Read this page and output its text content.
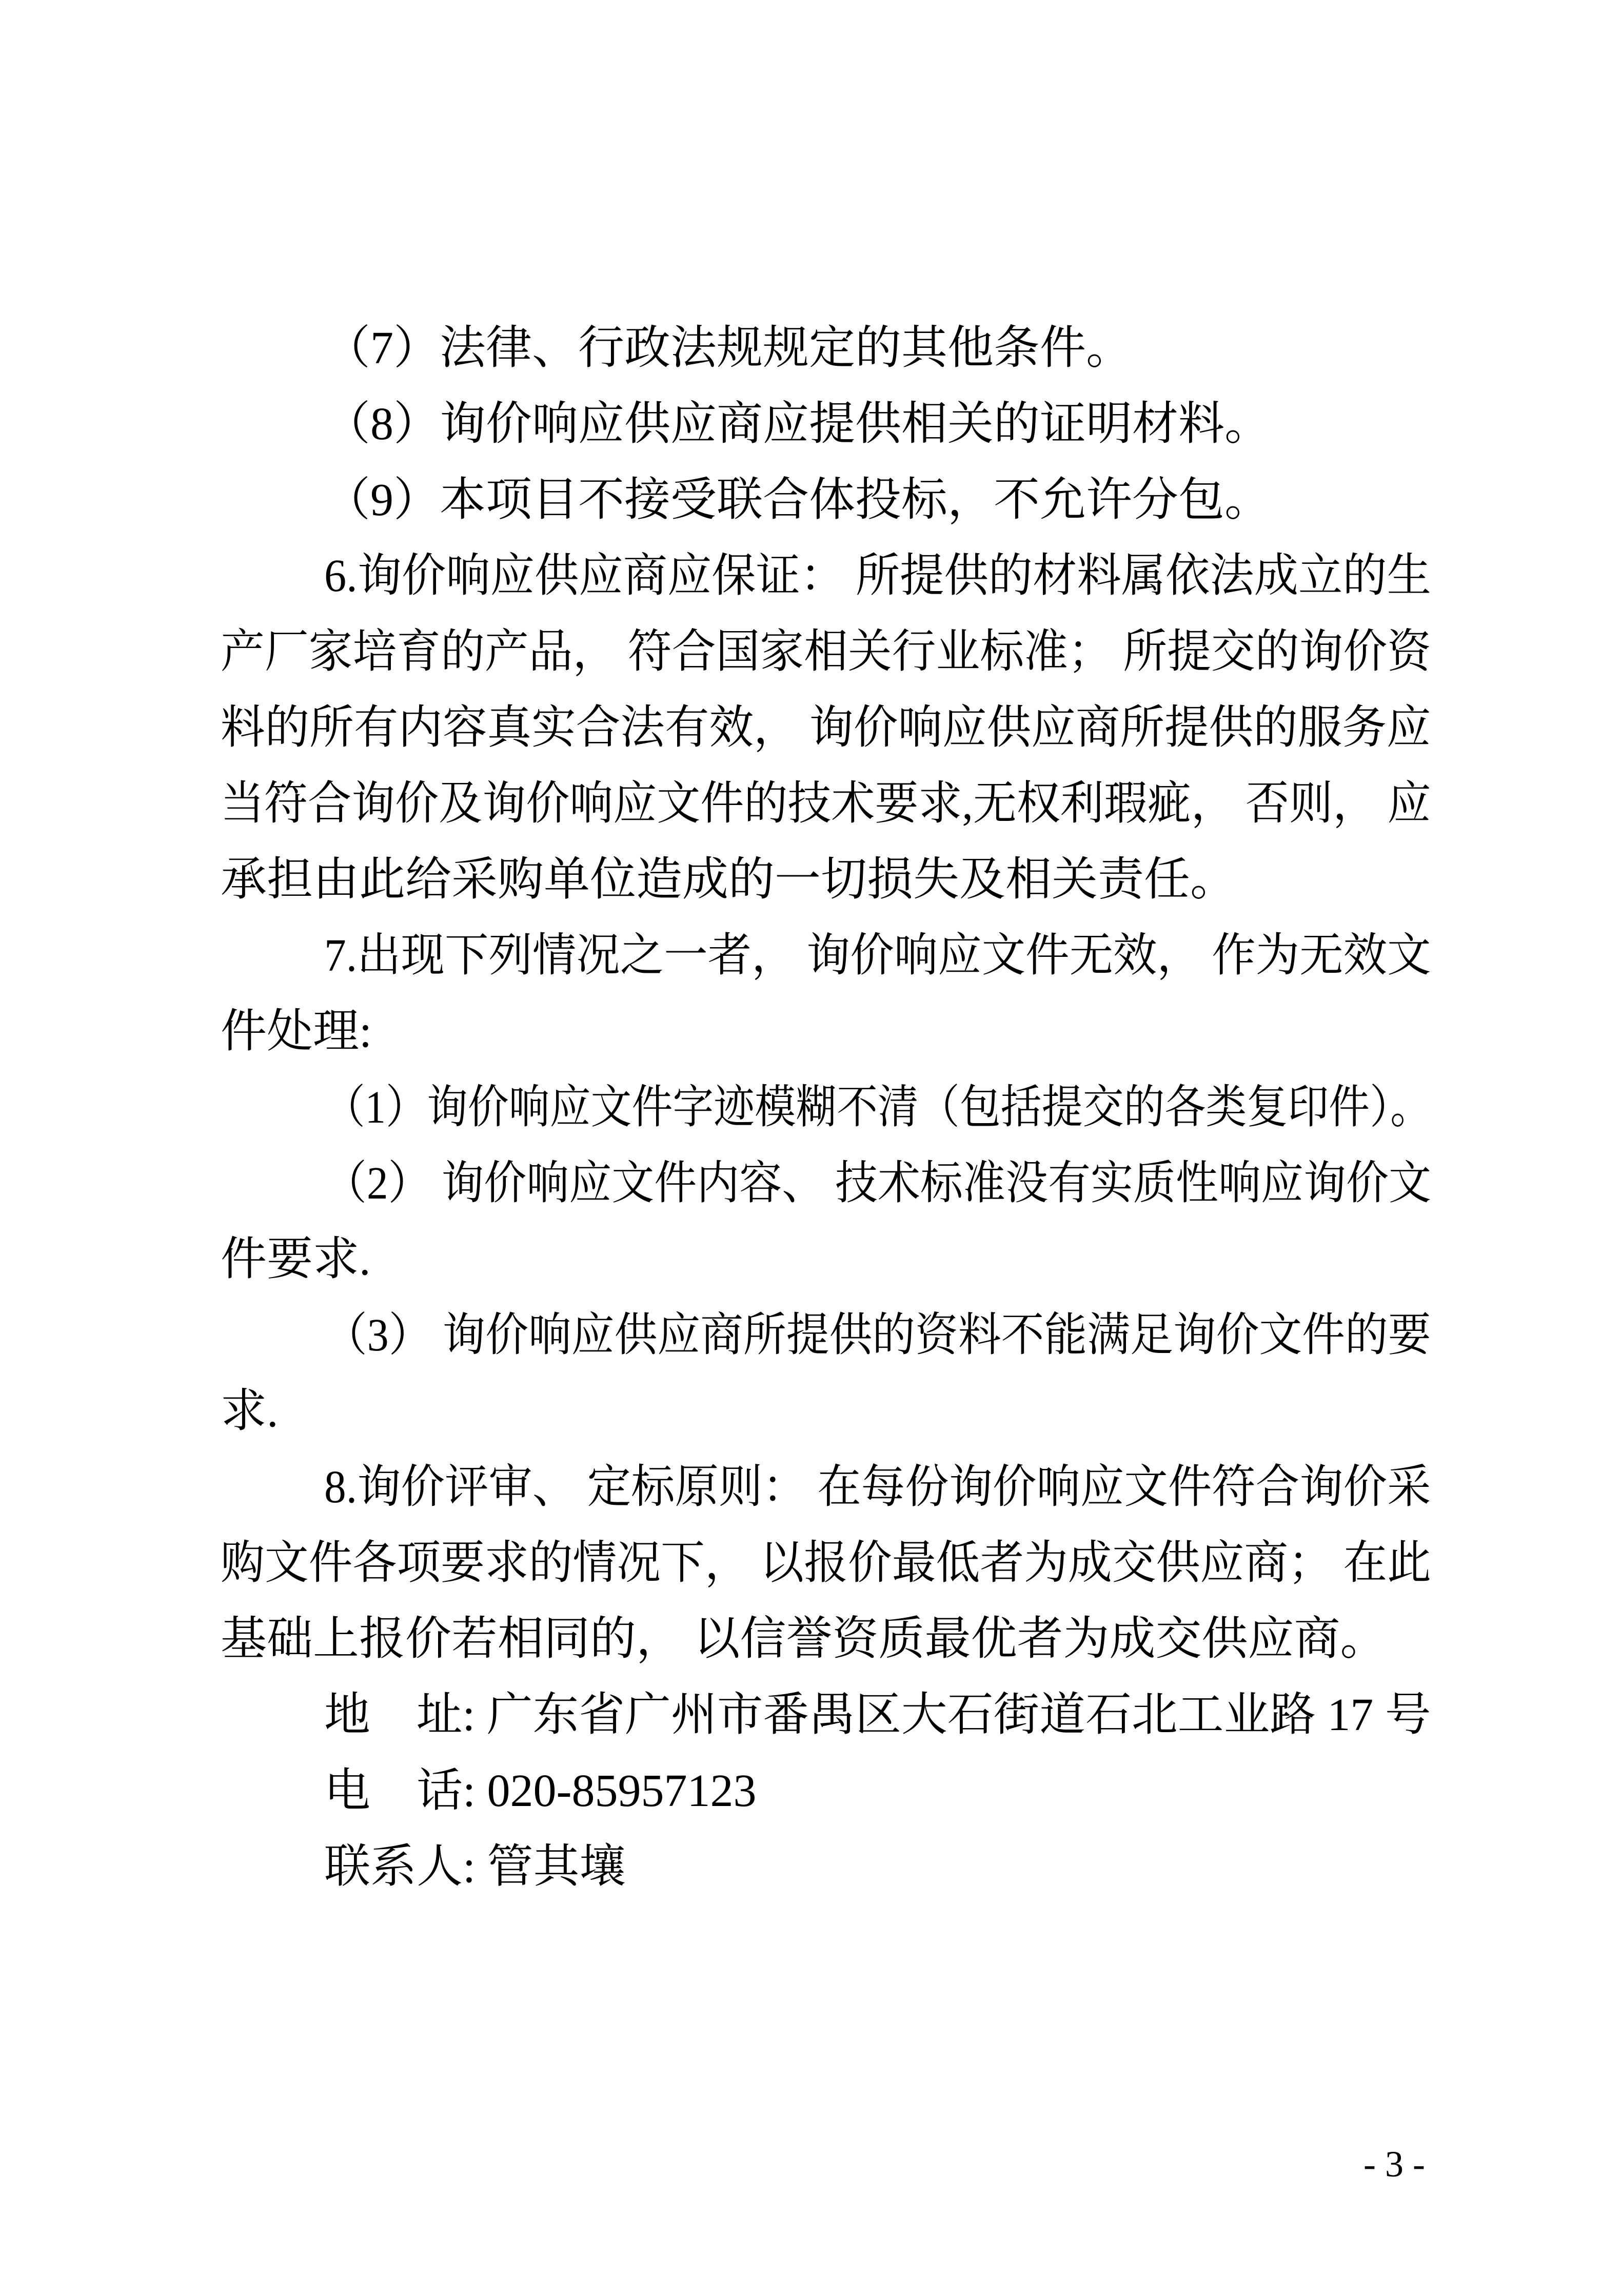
（7）法律、行政法规规定的其他条件。
（8）询价响应供应商应提供相关的证明材料。
（9）本项目不接受联合体投标，不允许分包。
6.询价响应供应商应保证： 所提供的材料属依法成立的生
产厂家培育的产品， 符合国家相关行业标准； 所提交的询价资
料的所有内容真实合法有效， 询价响应供应商所提供的服务应
当符合询价及询价响应文件的技术要求,无权利瑕疵， 否则， 应
承担由此给采购单位造成的一切损失及相关责任。
7.出现下列情况之一者， 询价响应文件无效， 作为无效文
件处理:
（1）询价响应文件字迹模糊不清（包括提交的各类复印件）。
（2） 询价响应文件内容、 技术标准没有实质性响应询价文
件要求.
（3） 询价响应供应商所提供的资料不能满足询价文件的要
求.
8.询价评审、 定标原则： 在每份询价响应文件符合询价采
购文件各项要求的情况下， 以报价最低者为成交供应商； 在此
基础上报价若相同的， 以信誉资质最优者为成交供应商。
地　址: 广东省广州市番禺区大石街道石北工业路 17 号
电　话: 020-85957123
联系人: 管其壤
- 3 -
